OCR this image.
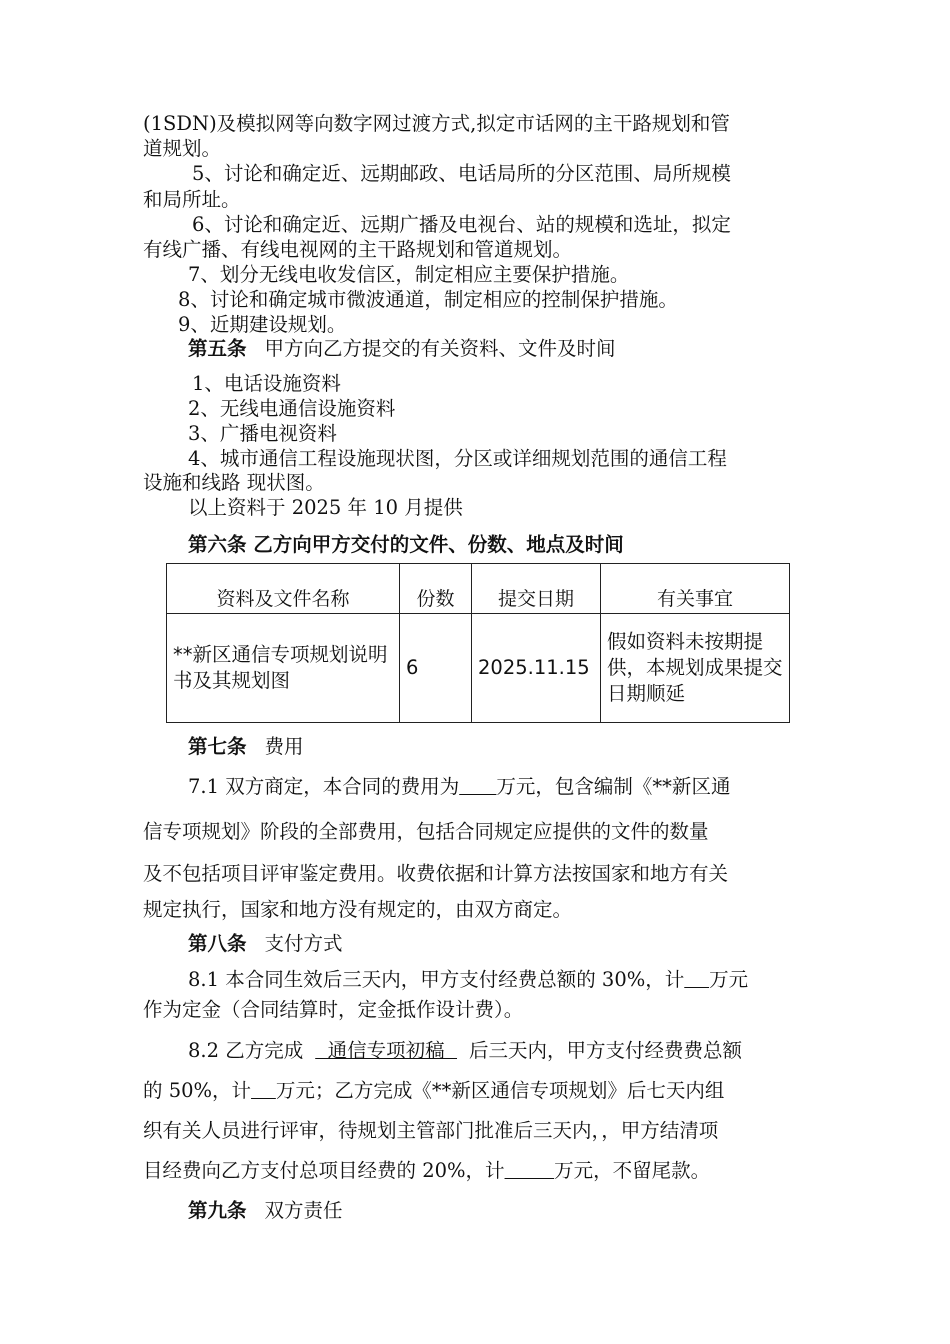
(1SDN)及模拟网等向数字网过渡方式,拟定市话网的主干路规划和管
道规划。
5、讨论和确定近、远期邮政、电话局所的分区范围、局所规模
和局所址。
6、讨论和确定近、远期广播及电视台、站的规模和选址，拟定
有线广播、有线电视网的主干路规划和管道规划。
7、划分无线电收发信区，制定相应主要保护措施。
8、讨论和确定城市微波通道，制定相应的控制保护措施。
9、近期建设规划。
第五条 甲方向乙方提交的有关资料、文件及时间
1、电话设施资料
2、无线电通信设施资料
3、广播电视资料
4、城市通信工程设施现状图，分区或详细规划范围的通信工程
设施和线路 现状图。
以上资料于 2025 年 10 月提供
第六条 乙方向甲方交付的文件、份数、地点及时间
资料及文件名称	份数	提交日期	有关事宜
**新区通信专项规划说明书及其规划图	6	2025.11.15	假如资料未按期提供，本规划成果提交日期顺延
第七条 费用
7.1 双方商定，本合同的费用为 万元，包含编制《**新区通
信专项规划》阶段的全部费用，包括合同规定应提供的文件的数量
及不包括项目评审鉴定费用。收费依据和计算方法按国家和地方有关
规定执行，国家和地方没有规定的，由双方商定。
第八条 支付方式
8.1 本合同生效后三天内，甲方支付经费总额的 30%，计 万元
作为定金（合同结算时，定金抵作设计费）。
8.2 乙方完成  通信专项初稿  后三天内，甲方支付经费费总额
的 50%，计 万元；乙方完成《**新区通信专项规划》后七天内组
织有关人员进行评审，待规划主管部门批准后三天内，，甲方结清项
目经费向乙方支付总项目经费的 20%，计	万元，不留尾款。
第九条 双方责任
